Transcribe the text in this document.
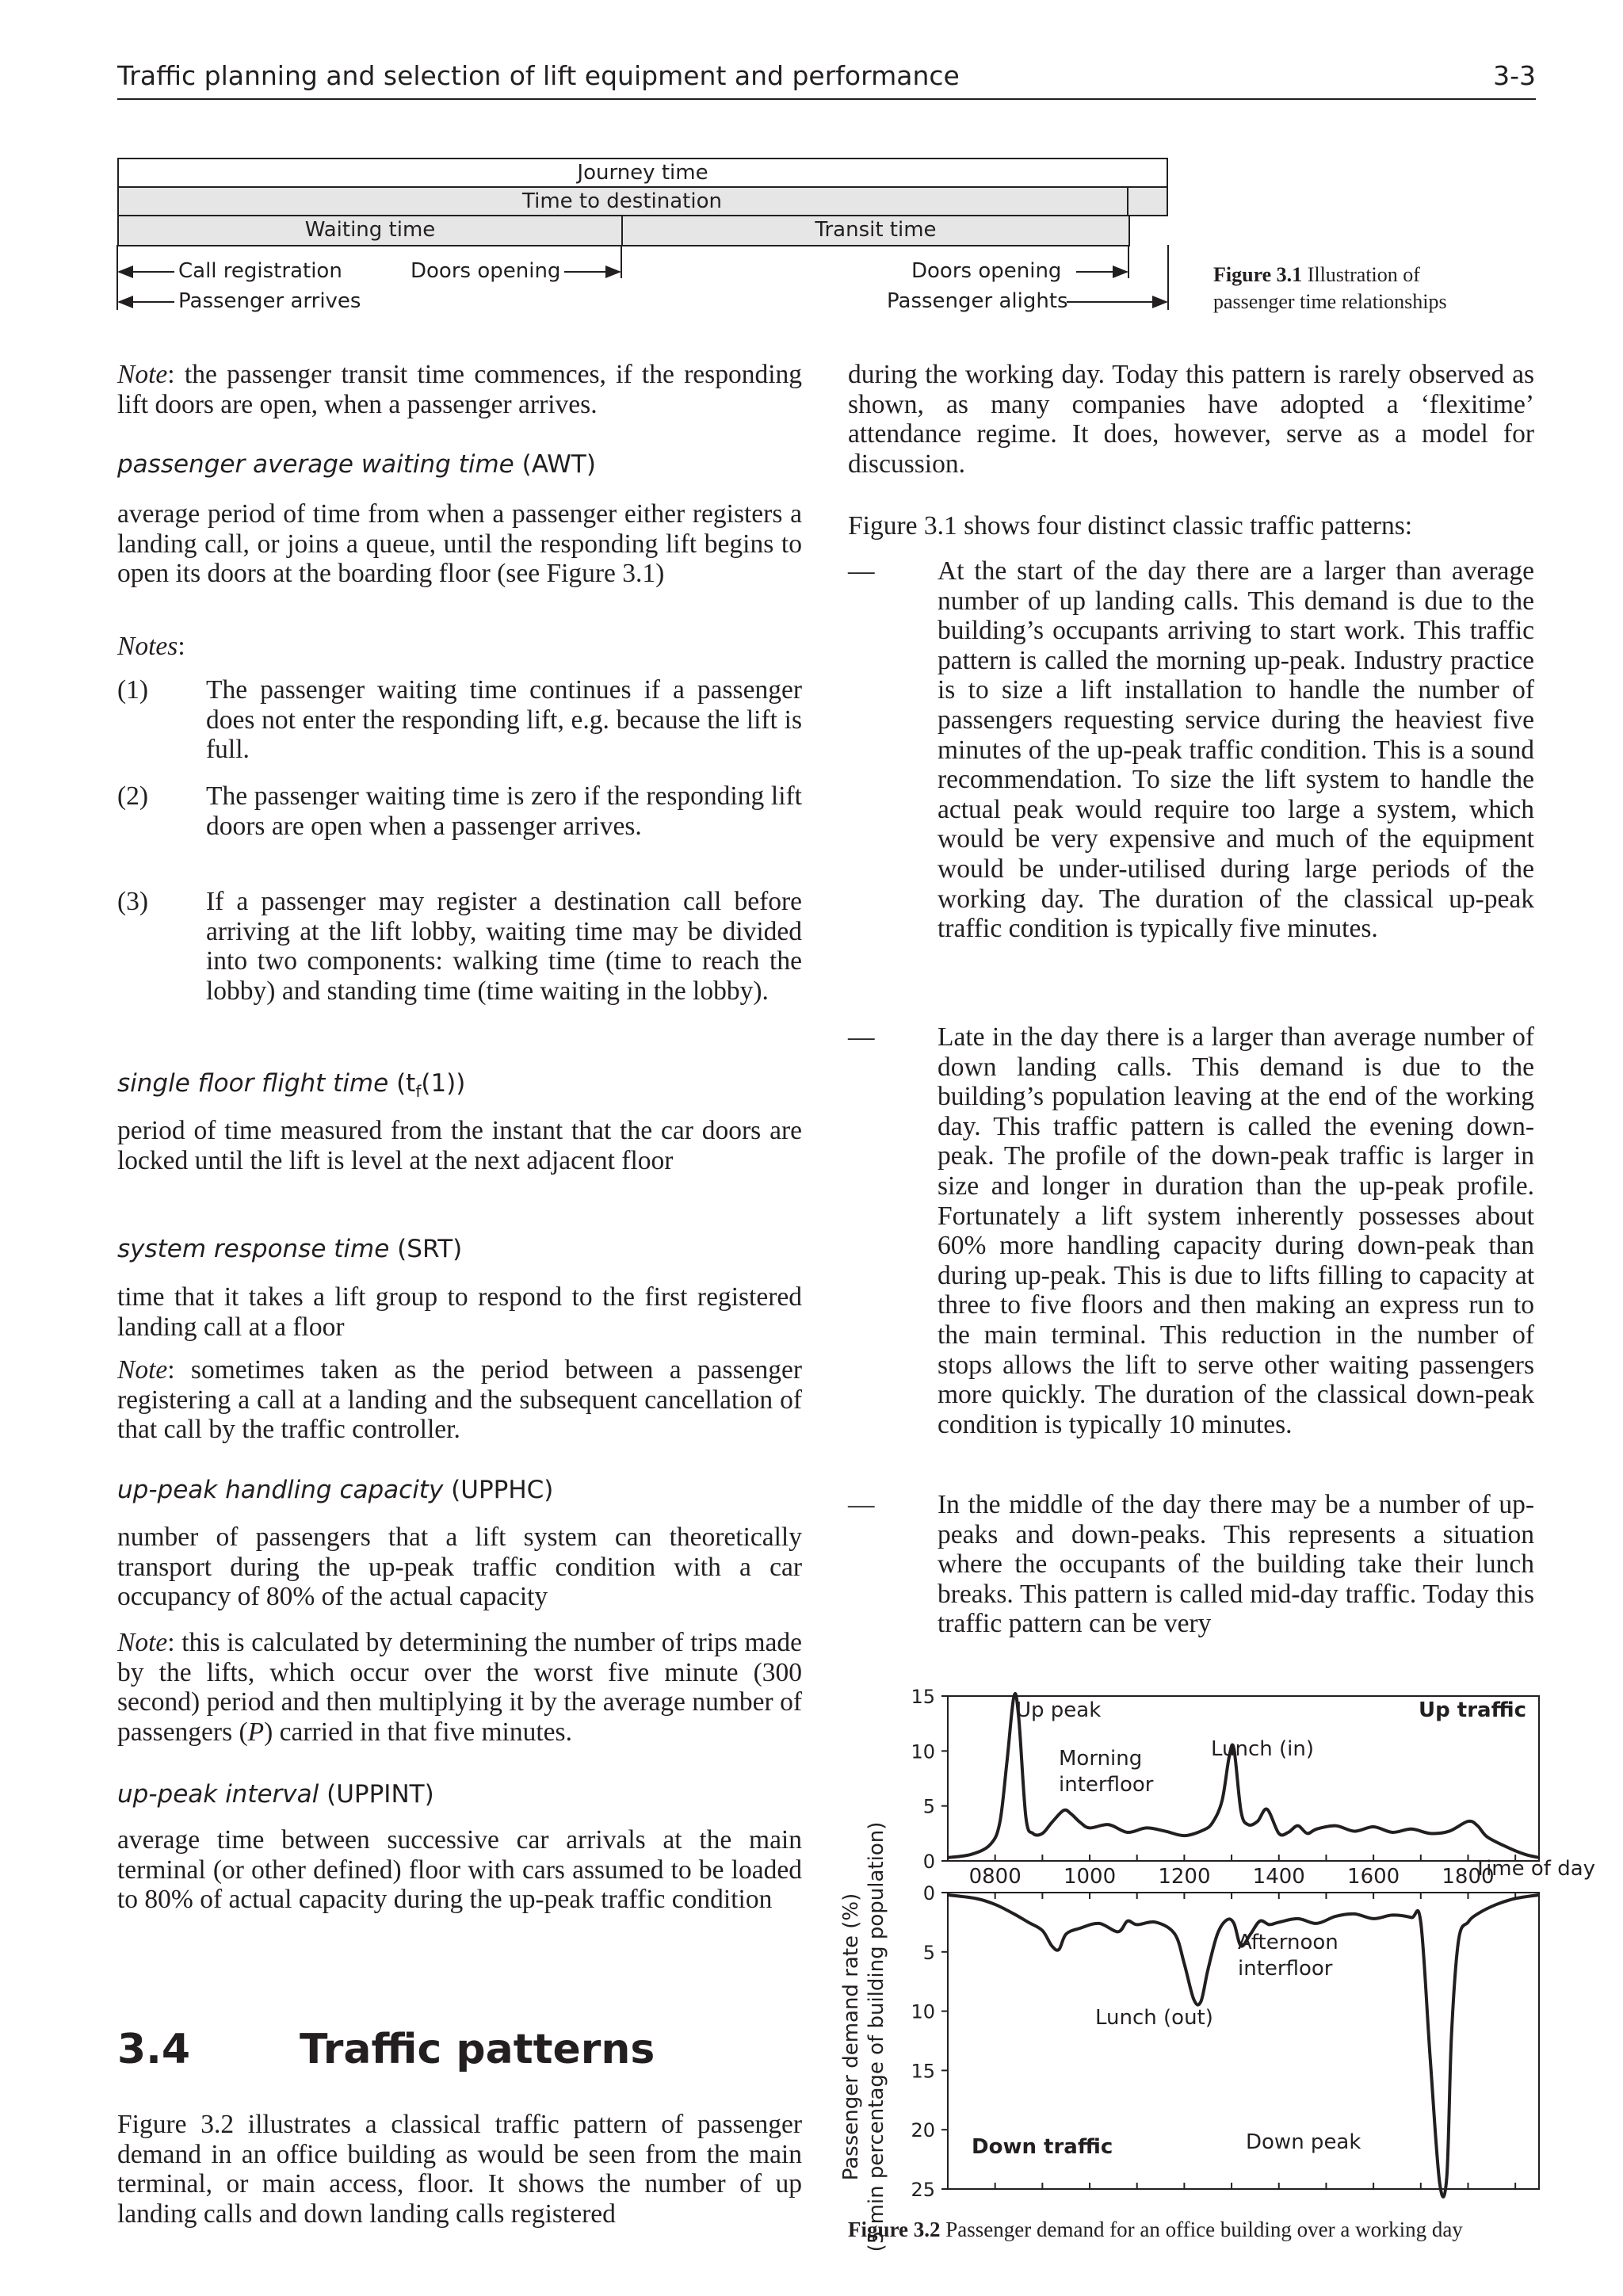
Traffic planning and selection of lift equipment and performance	3-3
Journey time
Time to destination
Waiting time	Transit time
Call registration	Doors opening	Doors opening
Passenger arrives	Passenger alights
Figure 3.1 Illustration of
passenger time relationships
Note: the passenger transit time commences, if the responding lift doors are open, when a passenger arrives.
passenger average waiting time (AWT)
average period of time from when a passenger either registers a landing call, or joins a queue, until the responding lift begins to open its doors at the boarding floor (see Figure 3.1)
Notes:
(1) The passenger waiting time continues if a passenger does not enter the responding lift, e.g. because the lift is full.
(2) The passenger waiting time is zero if the responding lift doors are open when a passenger arrives.
(3) If a passenger may register a destination call before arriving at the lift lobby, waiting time may be divided into two components: walking time (time to reach the lobby) and standing time (time waiting in the lobby).
single floor flight time $(t_f(1))$
period of time measured from the instant that the car doors are locked until the lift is level at the next adjacent floor
system response time (SRT)
time that it takes a lift group to respond to the first registered landing call at a floor
Note: sometimes taken as the period between a passenger registering a call at a landing and the subsequent cancellation of that call by the traffic controller.
up-peak handling capacity (UPPHC)
number of passengers that a lift system can theoretically transport during the up-peak traffic condition with a car occupancy of 80% of the actual capacity
Note: this is calculated by determining the number of trips made by the lifts, which occur over the worst five minute (300 second) period and then multiplying it by the average number of passengers (P) carried in that five minutes.
up-peak interval (UPPINT)
average time between successive car arrivals at the main terminal (or other defined) floor with cars assumed to be loaded to 80% of actual capacity during the up-peak traffic condition
3.4	Traffic patterns
Figure 3.2 illustrates a classical traffic pattern of passenger demand in an office building as would be seen from the main terminal, or main access, floor. It shows the number of up landing calls and down landing calls registered
during the working day. Today this pattern is rarely observed as shown, as many companies have adopted a ‘flexitime’ attendance regime. It does, however, serve as a model for discussion.
Figure 3.1 shows four distinct classic traffic patterns:
— At the start of the day there are a larger than average number of up landing calls. This demand is due to the building’s occupants arriving to start work. This traffic pattern is called the morning up-peak. Industry practice is to size a lift installation to handle the number of passengers requesting service during the heaviest five minutes of the up-peak traffic condition. This is a sound recommendation. To size the lift system to handle the actual peak would require too large a system, which would be very expensive and much of the equipment would be under-utilised during large periods of the working day. The duration of the classical up-peak traffic condition is typically five minutes.
— Late in the day there is a larger than average number of down landing calls. This demand is due to the building’s population leaving at the end of the working day. This traffic pattern is called the evening down-peak. The profile of the down-peak traffic is larger in size and longer in duration than the up-peak profile. Fortunately a lift system inherently possesses about 60% more handling capacity during down-peak than during up-peak. This is due to lifts filling to capacity at three to five floors and then making an express run to the main terminal. This reduction in the number of stops allows the lift to serve other waiting passengers more quickly. The duration of the classical down-peak condition is typically 10 minutes.
— In the middle of the day there may be a number of up-peaks and down-peaks. This represents a situation where the occupants of the building take their lunch breaks. This pattern is called mid-day traffic. Today this traffic pattern can be very
0
5
10
15
0
5
10
15
20
25
0800 1000 1200 1400 1600 1800
Passenger demand rate (%) (5 min percentage of building population)
Up peak
Morning
interfloor
Lunch (in)
Up traffic
Time of day
Afternoon
interfloor
Lunch (out)
Down peak
Down traffic
Figure 3.2 Passenger demand for an office building over a working day
